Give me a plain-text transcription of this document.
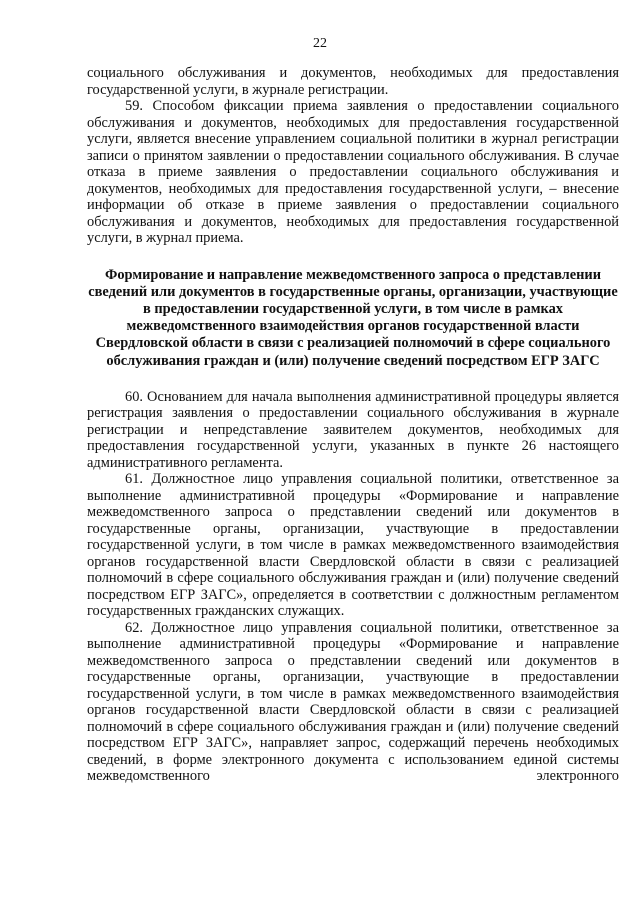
22

социального обслуживания и документов, необходимых для предоставления государственной услуги, в журнале регистрации.

59. Способом фиксации приема заявления о предоставлении социального обслуживания и документов, необходимых для предоставления государственной услуги, является внесение управлением социальной политики в журнал регистрации записи о принятом заявлении о предоставлении социального обслуживания. В случае отказа в приеме заявления о предоставлении социального обслуживания и документов, необходимых для предоставления государственной услуги, – внесение информации об отказе в приеме заявления о предоставлении социального обслуживания и документов, необходимых для предоставления государственной услуги, в журнал приема.

Формирование и направление межведомственного запроса о представлении сведений или документов в государственные органы, организации, участвующие в предоставлении государственной услуги, в том числе в рамках межведомственного взаимодействия органов государственной власти Свердловской области в связи с реализацией полномочий в сфере социального обслуживания граждан и (или) получение сведений посредством ЕГР ЗАГС

60. Основанием для начала выполнения административной процедуры является регистрация заявления о предоставлении социального обслуживания в журнале регистрации и непредставление заявителем документов, необходимых для предоставления государственной услуги, указанных в пункте 26 настоящего административного регламента.

61. Должностное лицо управления социальной политики, ответственное за выполнение административной процедуры «Формирование и направление межведомственного запроса о представлении сведений или документов в государственные органы, организации, участвующие в предоставлении государственной услуги, в том числе в рамках межведомственного взаимодействия органов государственной власти Свердловской области в связи с реализацией полномочий в сфере социального обслуживания граждан и (или) получение сведений посредством ЕГР ЗАГС», определяется в соответствии с должностным регламентом государственных гражданских служащих.

62. Должностное лицо управления социальной политики, ответственное за выполнение административной процедуры «Формирование и направление межведомственного запроса о представлении сведений или документов в государственные органы, организации, участвующие в предоставлении государственной услуги, в том числе в рамках межведомственного взаимодействия органов государственной власти Свердловской области в связи с реализацией полномочий в сфере социального обслуживания граждан и (или) получение сведений посредством ЕГР ЗАГС», направляет запрос, содержащий перечень необходимых сведений, в форме электронного документа с использованием единой системы межведомственного электронного
